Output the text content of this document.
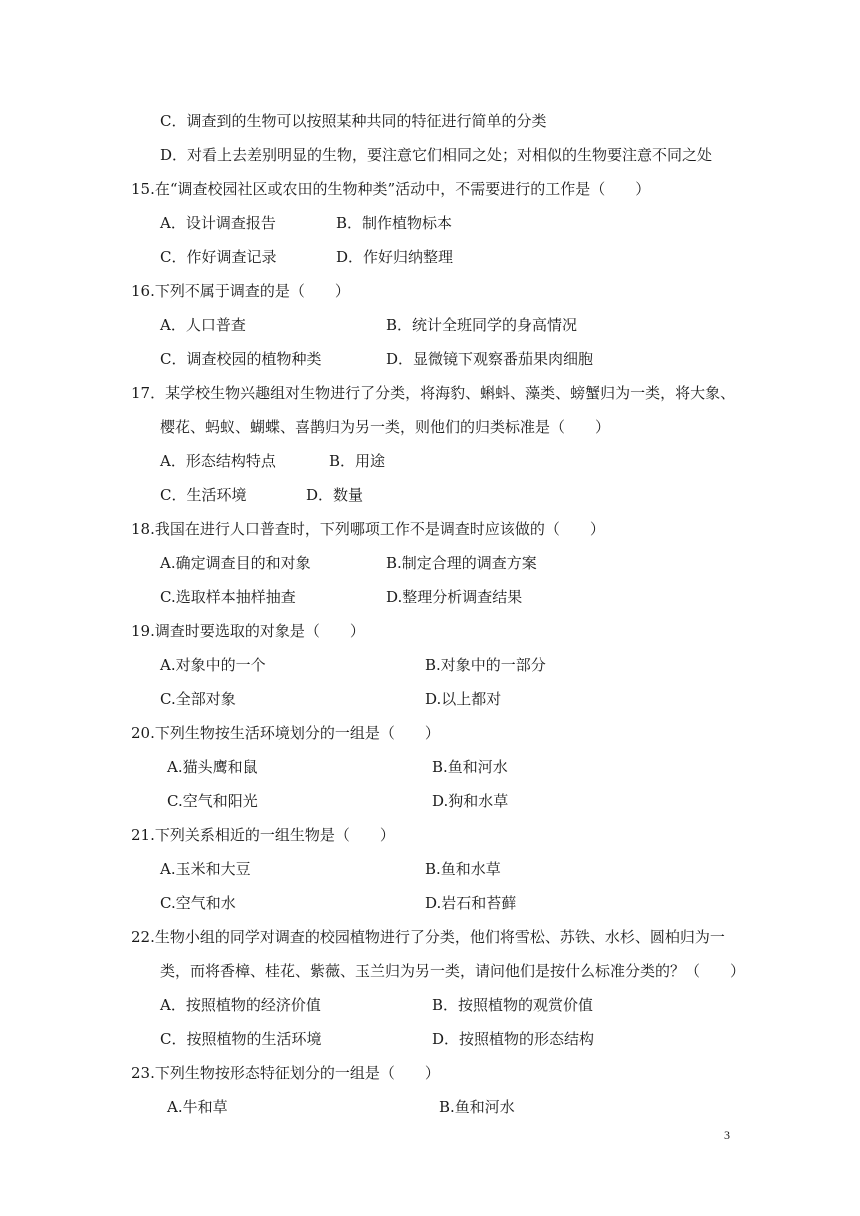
C．调查到的生物可以按照某种共同的特征进行简单的分类
D．对看上去差别明显的生物，要注意它们相同之处；对相似的生物要注意不同之处
15.在“调查校园社区或农田的生物种类”活动中，不需要进行的工作是（　　）
A．设计调查报告	B．制作植物标本
C．作好调查记录	D．作好归纳整理
16.下列不属于调查的是（　　）
A．人口普查	B．统计全班同学的身高情况
C．调查校园的植物种类	D．显微镜下观察番茄果肉细胞
17．某学校生物兴趣组对生物进行了分类，将海豹、蝌蚪、藻类、螃蟹归为一类，将大象、
樱花、蚂蚁、蝴蝶、喜鹊归为另一类，则他们的归类标准是（　　）
A．形态结构特点	B．用途
C．生活环境	D．数量
18.我国在进行人口普查时，下列哪项工作不是调查时应该做的（　　）
A.确定调查目的和对象	B.制定合理的调查方案
C.选取样本抽样抽查	D.整理分析调查结果
19.调查时要选取的对象是（　　）
A.对象中的一个	B.对象中的一部分
C.全部对象	D.以上都对
20.下列生物按生活环境划分的一组是（　　）
A.猫头鹰和鼠	B.鱼和河水
C.空气和阳光	D.狗和水草
21.下列关系相近的一组生物是（　　）
A.玉米和大豆	B.鱼和水草
C.空气和水	D.岩石和苔藓
22.生物小组的同学对调查的校园植物进行了分类，他们将雪松、苏铁、水杉、圆柏归为一
类，而将香樟、桂花、紫薇、玉兰归为另一类，请问他们是按什么标准分类的？（　　）
A．按照植物的经济价值	B．按照植物的观赏价值
C．按照植物的生活环境	D．按照植物的形态结构
23.下列生物按形态特征划分的一组是（　　）
A.牛和草	B.鱼和河水
3
